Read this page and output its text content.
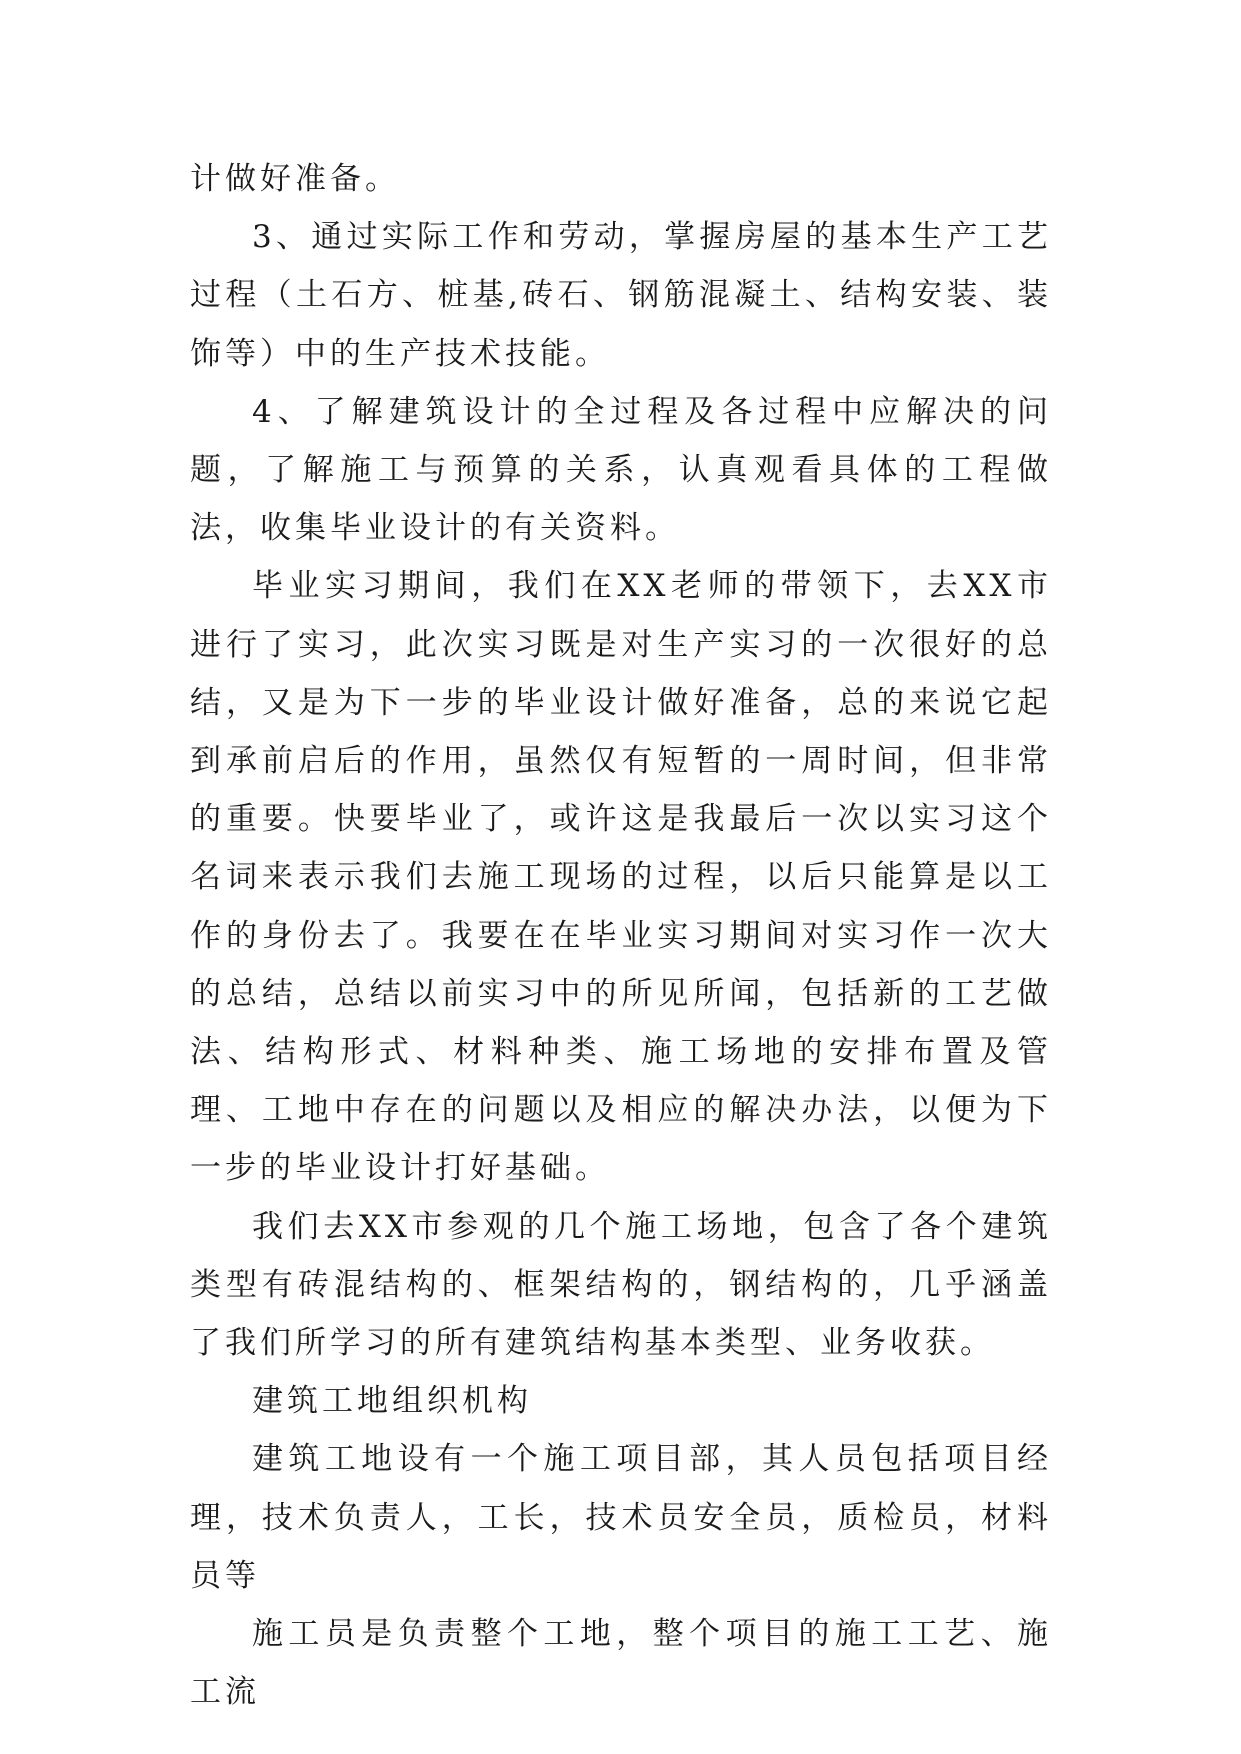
计做好准备。

3、通过实际工作和劳动，掌握房屋的基本生产工艺过程（土石方、桩基,砖石、钢筋混凝土、结构安装、装饰等）中的生产技术技能。

4、了解建筑设计的全过程及各过程中应解决的问题，了解施工与预算的关系，认真观看具体的工程做法，收集毕业设计的有关资料。

毕业实习期间，我们在XX老师的带领下，去XX市进行了实习，此次实习既是对生产实习的一次很好的总结，又是为下一步的毕业设计做好准备，总的来说它起到承前启后的作用，虽然仅有短暂的一周时间，但非常的重要。快要毕业了，或许这是我最后一次以实习这个名词来表示我们去施工现场的过程，以后只能算是以工作的身份去了。我要在在毕业实习期间对实习作一次大的总结，总结以前实习中的所见所闻，包括新的工艺做法、结构形式、材料种类、施工场地的安排布置及管理、工地中存在的问题以及相应的解决办法，以便为下一步的毕业设计打好基础。

我们去XX市参观的几个施工场地，包含了各个建筑类型有砖混结构的、框架结构的，钢结构的，几乎涵盖了我们所学习的所有建筑结构基本类型、业务收获。

建筑工地组织机构

建筑工地设有一个施工项目部，其人员包括项目经理，技术负责人，工长，技术员安全员，质检员，材料员等

施工员是负责整个工地，整个项目的施工工艺、施工流
